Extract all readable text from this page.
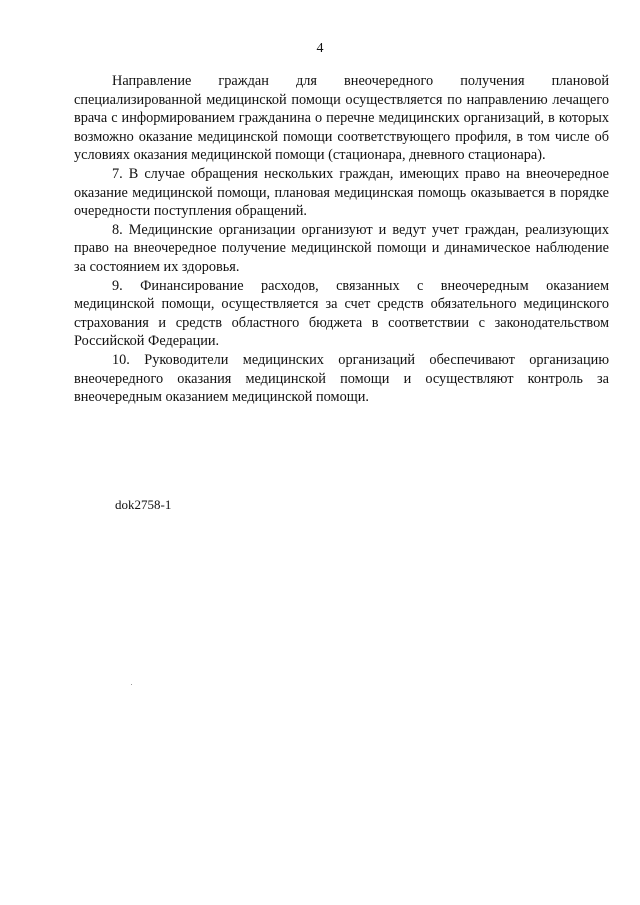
4

Направление граждан для внеочередного получения плановой специализированной медицинской помощи осуществляется по направлению лечащего врача с информированием гражданина о перечне медицинских организаций, в которых возможно оказание медицинской помощи соответствующего профиля, в том числе об условиях оказания медицинской помощи (стационара, дневного стационара).

7. В случае обращения нескольких граждан, имеющих право на внеочередное оказание медицинской помощи, плановая медицинская помощь оказывается в порядке очередности поступления обращений.

8. Медицинские организации организуют и ведут учет граждан, реализующих право на внеочередное получение медицинской помощи и динамическое наблюдение за состоянием их здоровья.

9. Финансирование расходов, связанных с внеочередным оказанием медицинской помощи, осуществляется за счет средств обязательного медицинского страхования и средств областного бюджета в соответствии с законодательством Российской Федерации.

10. Руководители медицинских организаций обеспечивают организацию внеочередного оказания медицинской помощи и осуществляют контроль за внеочередным оказанием медицинской помощи.

dok2758-1
